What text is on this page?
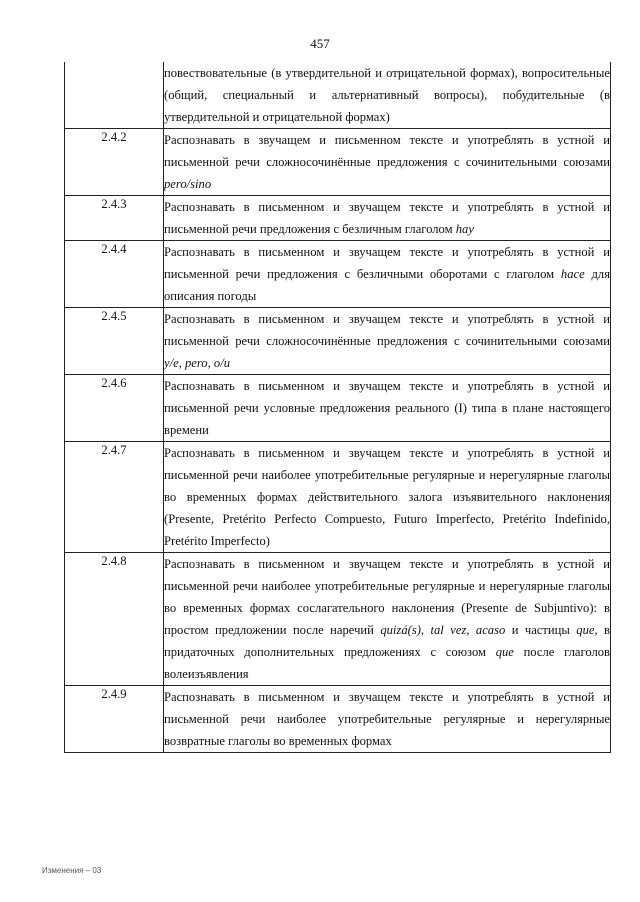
457
	повествовательные (в утвердительной и отрицательной формах), вопросительные (общий, специальный и альтернативный вопросы), побудительные (в утвердительной и отрицательной формах)
2.4.2	Распознавать в звучащем и письменном тексте и употреблять в устной и письменной речи сложносочинённые предложения с сочинительными союзами pero/sino
2.4.3	Распознавать в письменном и звучащем тексте и употреблять в устной и письменной речи предложения с безличным глаголом hay
2.4.4	Распознавать в письменном и звучащем тексте и употреблять в устной и письменной речи предложения с безличными оборотами с глаголом hace для описания погоды
2.4.5	Распознавать в письменном и звучащем тексте и употреблять в устной и письменной речи сложносочинённые предложения с сочинительными союзами y/e, pero, o/u
2.4.6	Распознавать в письменном и звучащем тексте и употреблять в устной и письменной речи условные предложения реального (I) типа в плане настоящего времени
2.4.7	Распознавать в письменном и звучащем тексте и употреблять в устной и письменной речи наиболее употребительные регулярные и нерегулярные глаголы во временных формах действительного залога изъявительного наклонения (Presente, Pretérito Perfecto Compuesto, Futuro Imperfecto, Pretérito Indefinido, Pretérito Imperfecto)
2.4.8	Распознавать в письменном и звучащем тексте и употреблять в устной и письменной речи наиболее употребительные регулярные и нерегулярные глаголы во временных формах сослагательного наклонения (Presente de Subjuntivo): в простом предложении после наречий quizá(s), tal vez, acaso и частицы que, в придаточных дополнительных предложениях с союзом que после глаголов волеизъявления
2.4.9	Распознавать в письменном и звучащем тексте и употреблять в устной и письменной речи наиболее употребительные регулярные и нерегулярные возвратные глаголы во временных формах
Изменения – 03
